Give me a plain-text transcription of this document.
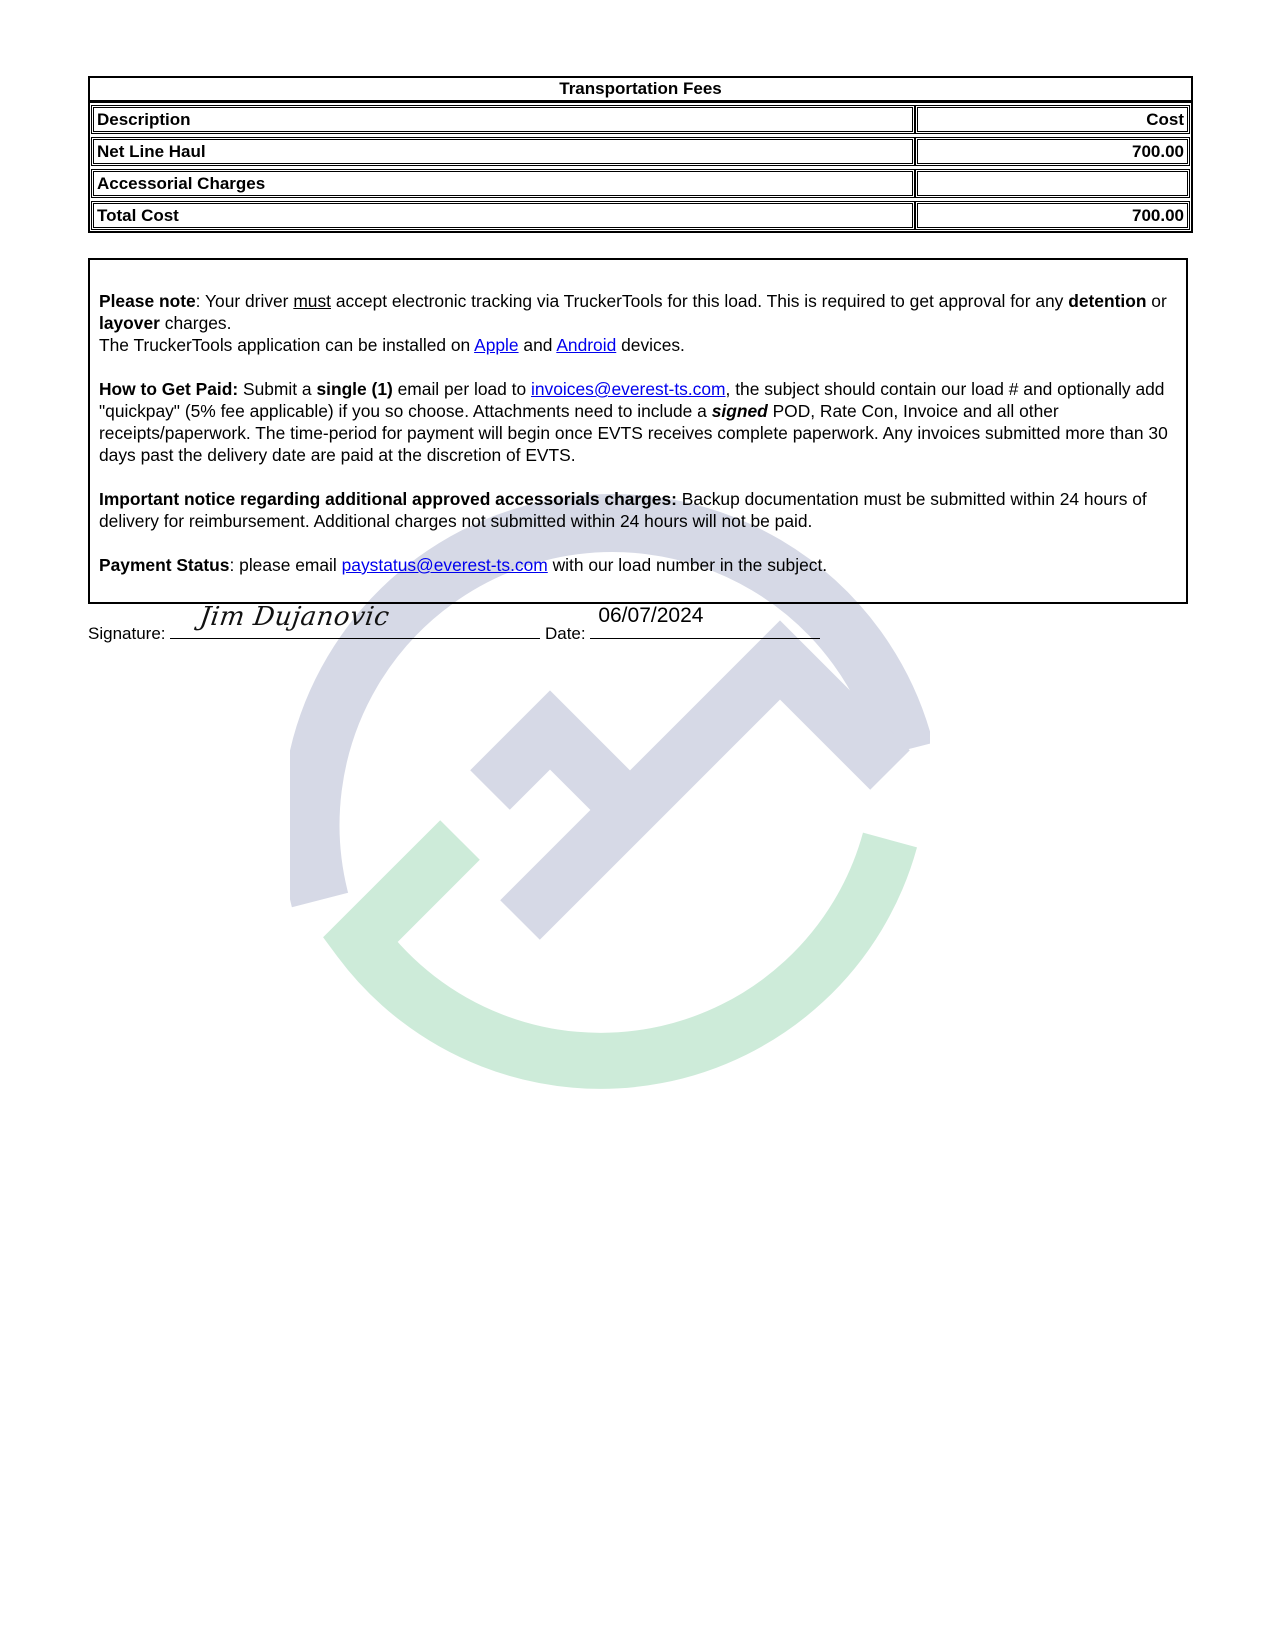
Transportation Fees
Description	Cost
Net Line Haul	700.00
Accessorial Charges
Total Cost	700.00

Please note: Your driver must accept electronic tracking via TruckerTools for this load. This is required to get approval for any detention or layover charges.
The TruckerTools application can be installed on Apple and Android devices.

How to Get Paid: Submit a single (1) email per load to invoices@everest-ts.com, the subject should contain our load # and optionally add "quickpay" (5% fee applicable) if you so choose. Attachments need to include a signed POD, Rate Con, Invoice and all other receipts/paperwork. The time-period for payment will begin once EVTS receives complete paperwork. Any invoices submitted more than 30 days past the delivery date are paid at the discretion of EVTS.

Important notice regarding additional approved accessorials charges: Backup documentation must be submitted within 24 hours of delivery for reimbursement. Additional charges not submitted within 24 hours will not be paid.

Payment Status: please email paystatus@everest-ts.com with our load number in the subject.

Signature:
Jim Dujanovic
Date:
06/07/2024
